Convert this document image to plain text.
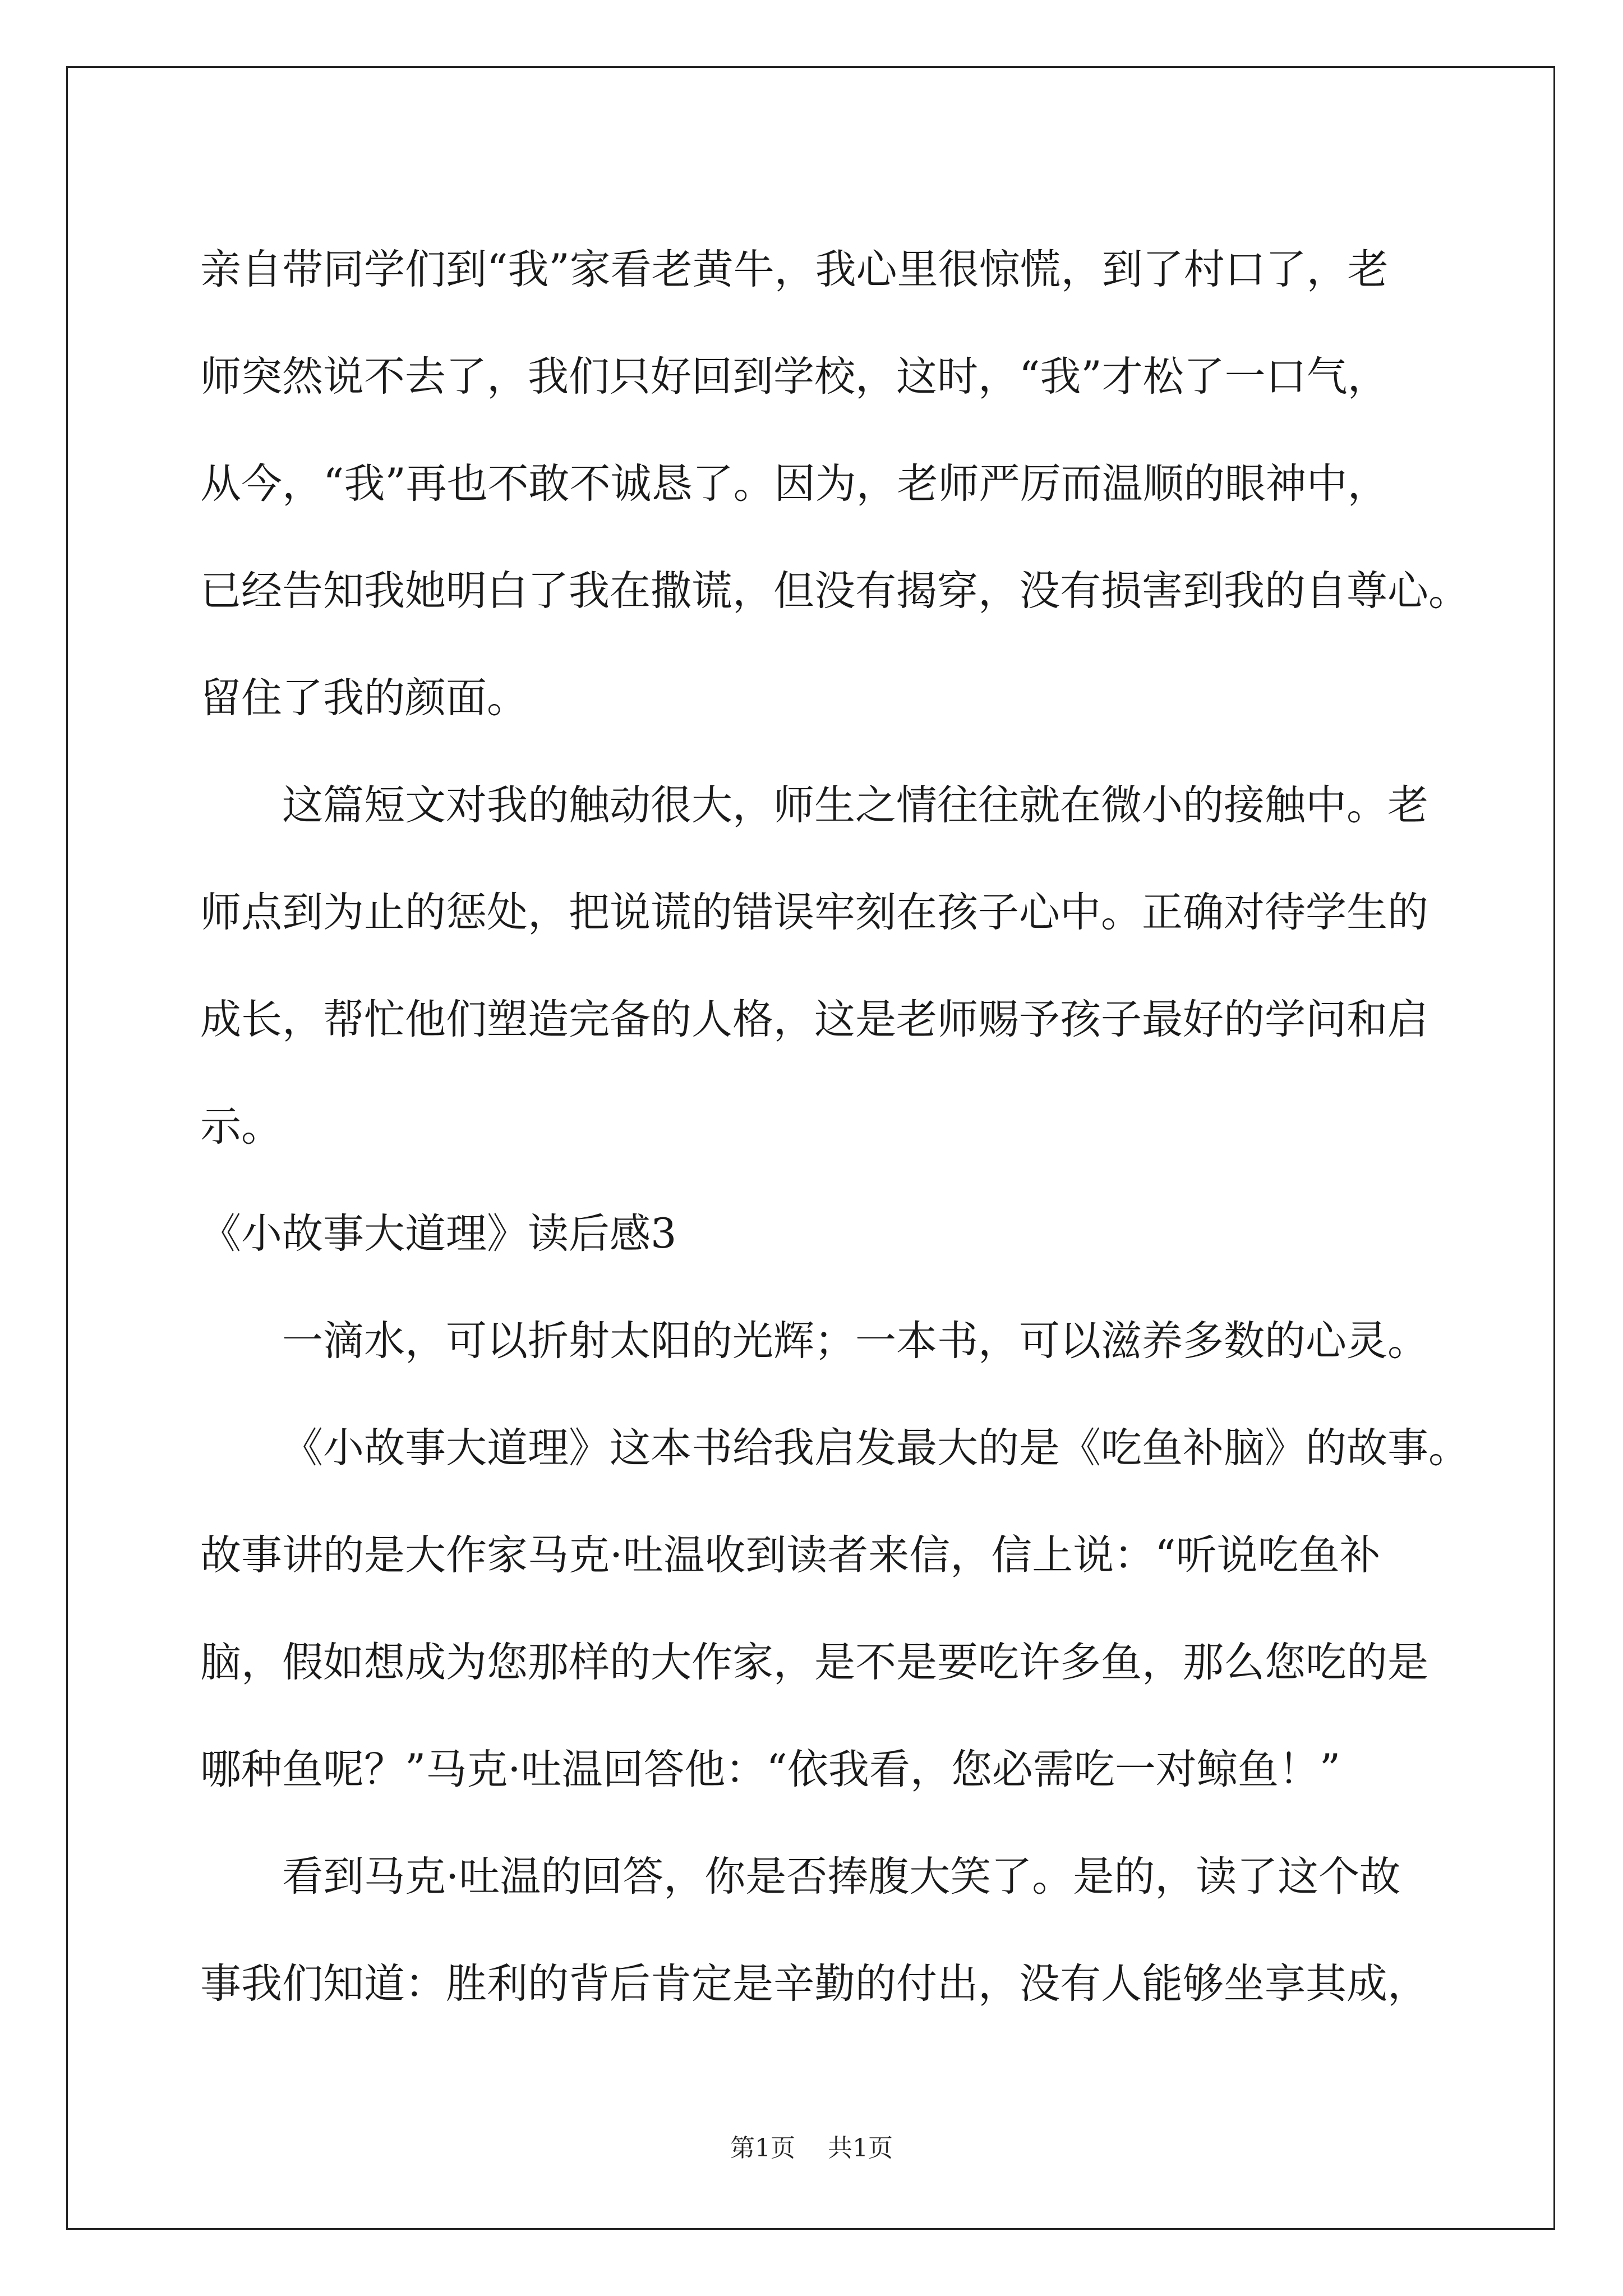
亲自带同学们到“我”家看老黄牛，我心里很惊慌，到了村口了，老
师突然说不去了，我们只好回到学校，这时，“我”才松了一口气，
从今，“我”再也不敢不诚恳了。因为，老师严厉而温顺的眼神中，
已经告知我她明白了我在撒谎，但没有揭穿，没有损害到我的自尊心。
留住了我的颜面。
这篇短文对我的触动很大，师生之情往往就在微小的接触中。老
师点到为止的惩处，把说谎的错误牢刻在孩子心中。正确对待学生的
成长，帮忙他们塑造完备的人格，这是老师赐予孩子最好的学问和启
示。
《小故事大道理》读后感3
一滴水，可以折射太阳的光辉；一本书，可以滋养多数的心灵。
《小故事大道理》这本书给我启发最大的是《吃鱼补脑》的故事。
故事讲的是大作家马克·吐温收到读者来信，信上说：“听说吃鱼补
脑，假如想成为您那样的大作家，是不是要吃许多鱼，那么您吃的是
哪种鱼呢？”马克·吐温回答他：“依我看，您必需吃一对鲸鱼！”
看到马克·吐温的回答，你是否捧腹大笑了。是的，读了这个故
事我们知道：胜利的背后肯定是辛勤的付出，没有人能够坐享其成，
第1页 共1页
